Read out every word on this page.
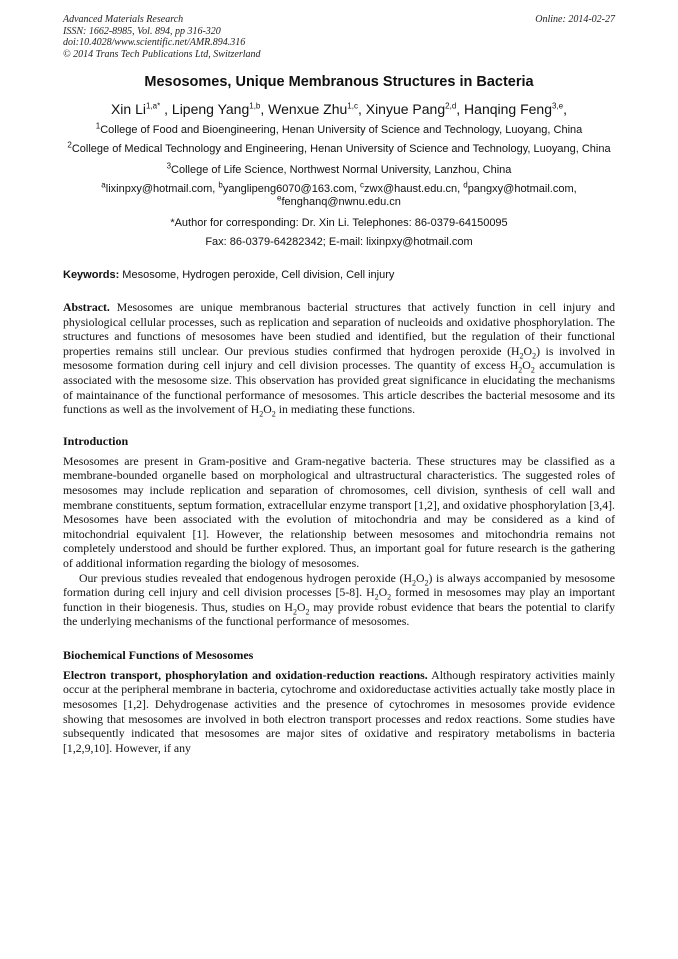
Advanced Materials Research
ISSN: 1662-8985, Vol. 894, pp 316-320
doi:10.4028/www.scientific.net/AMR.894.316
© 2014 Trans Tech Publications Ltd, Switzerland
Online: 2014-02-27
Mesosomes, Unique Membranous Structures in Bacteria
Xin $Li^{1,a*}$ , Lipeng Yang$^{1,b}$, Wenxue Zhu$^{1,c}$, Xinyue Pang$^{2,d}$, Hanqing Feng$^{3,e}$,
$^1$College of Food and Bioengineering, Henan University of Science and Technology, Luoyang, China
$^2$College of Medical Technology and Engineering, Henan University of Science and Technology, Luoyang, China
$^3$College of Life Science, Northwest Normal University, Lanzhou, China
$^a$lixinpxy@hotmail.com, $^b$yanglipeng6070@163.com, $^c$zwx@haust.edu.cn, $^d$pangxy@hotmail.com,
$^e$fenghanq@nwnu.edu.cn
*Author for corresponding: Dr. Xin Li. Telephones: 86-0379-64150095
Fax: 86-0379-64282342; E-mail: lixinpxy@hotmail.com
Keywords: Mesosome, Hydrogen peroxide, Cell division, Cell injury
Abstract. Mesosomes are unique membranous bacterial structures that actively function in cell injury and physiological cellular processes, such as replication and separation of nucleoids and oxidative phosphorylation. The structures and functions of mesosomes have been studied and identified, but the regulation of their functional properties remains still unclear. Our previous studies confirmed that hydrogen peroxide $(H_2O_2)$ is involved in mesosome formation during cell injury and cell division processes. The quantity of excess $H_2O_2$ accumulation is associated with the mesosome size. This observation has provided great significance in elucidating the mechanisms of maintainance of the functional performance of mesosomes. This article describes the bacterial mesosome and its functions as well as the involvement of $H_2O_2$ in mediating these functions.
Introduction
Mesosomes are present in Gram-positive and Gram-negative bacteria. These structures may be classified as a membrane-bounded organelle based on morphological and ultrastructural characteristics. The suggested roles of mesosomes may include replication and separation of chromosomes, cell division, synthesis of cell wall and membrane constituents, septum formation, extracellular enzyme transport [1,2], and oxidative phosphorylation [3,4]. Mesosomes have been associated with the evolution of mitochondria and may be considered as a kind of mitochondrial equivalent [1]. However, the relationship between mesosomes and mitochondria remains not completely understood and should be further explored. Thus, an important goal for future research is the gathering of additional information regarding the biology of mesosomes.
Our previous studies revealed that endogenous hydrogen peroxide $(H_2O_2)$ is always accompanied by mesosome formation during cell injury and cell division processes [5-8]. $H_2O_2$ formed in mesosomes may play an important function in their biogenesis. Thus, studies on $H_2O_2$ may provide robust evidence that bears the potential to clarify the underlying mechanisms of the functional performance of mesosomes.
Biochemical Functions of Mesosomes
Electron transport, phosphorylation and oxidation-reduction reactions. Although respiratory activities mainly occur at the peripheral membrane in bacteria, cytochrome and oxidoreductase activities actually take mostly place in mesosomes [1,2]. Dehydrogenase activities and the presence of cytochromes in mesosomes provide evidence showing that mesosomes are involved in both electron transport processes and redox reactions. Some studies have subsequently indicated that mesosomes are major sites of oxidative and respiratory metabolisms in bacteria [1,2,9,10]. However, if any
